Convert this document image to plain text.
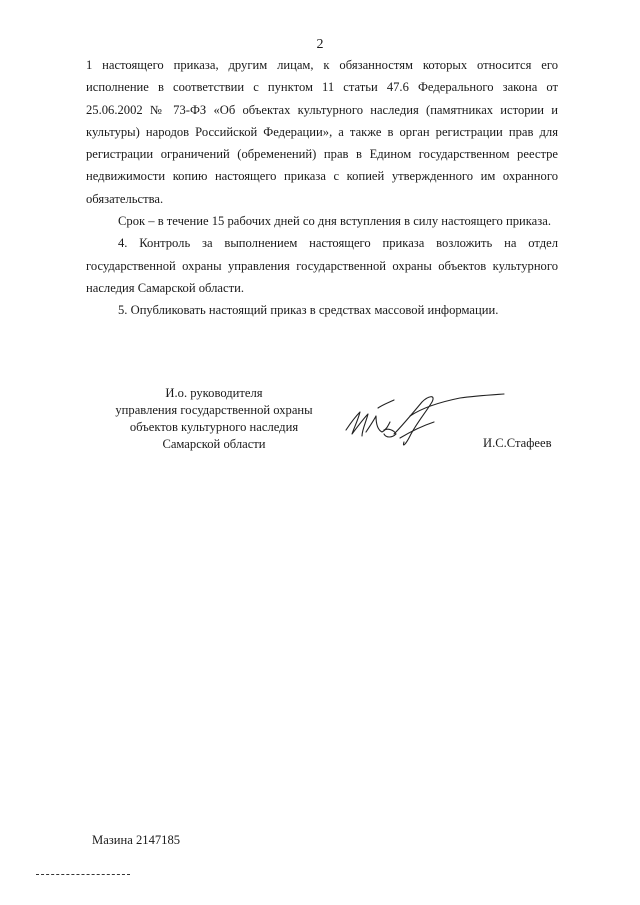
2

1 настоящего приказа, другим лицам, к обязанностям которых относится его исполнение в соответствии с пунктом 11 статьи 47.6 Федерального закона от 25.06.2002 № 73-ФЗ «Об объектах культурного наследия (памятниках истории и культуры) народов Российской Федерации», а также в орган регистрации прав для регистрации ограничений (обременений) прав в Едином государственном реестре недвижимости копию настоящего приказа с копией утвержденного им охранного обязательства.

Срок – в течение 15 рабочих дней со дня вступления в силу настоящего приказа.

4. Контроль за выполнением настоящего приказа возложить на отдел государственной охраны управления государственной охраны объектов культурного наследия Самарской области.

5. Опубликовать настоящий приказ в средствах массовой информации.

И.о. руководителя
управления государственной охраны
объектов культурного наследия
Самарской области	И.С.Стафеев
Мазина 2147185
